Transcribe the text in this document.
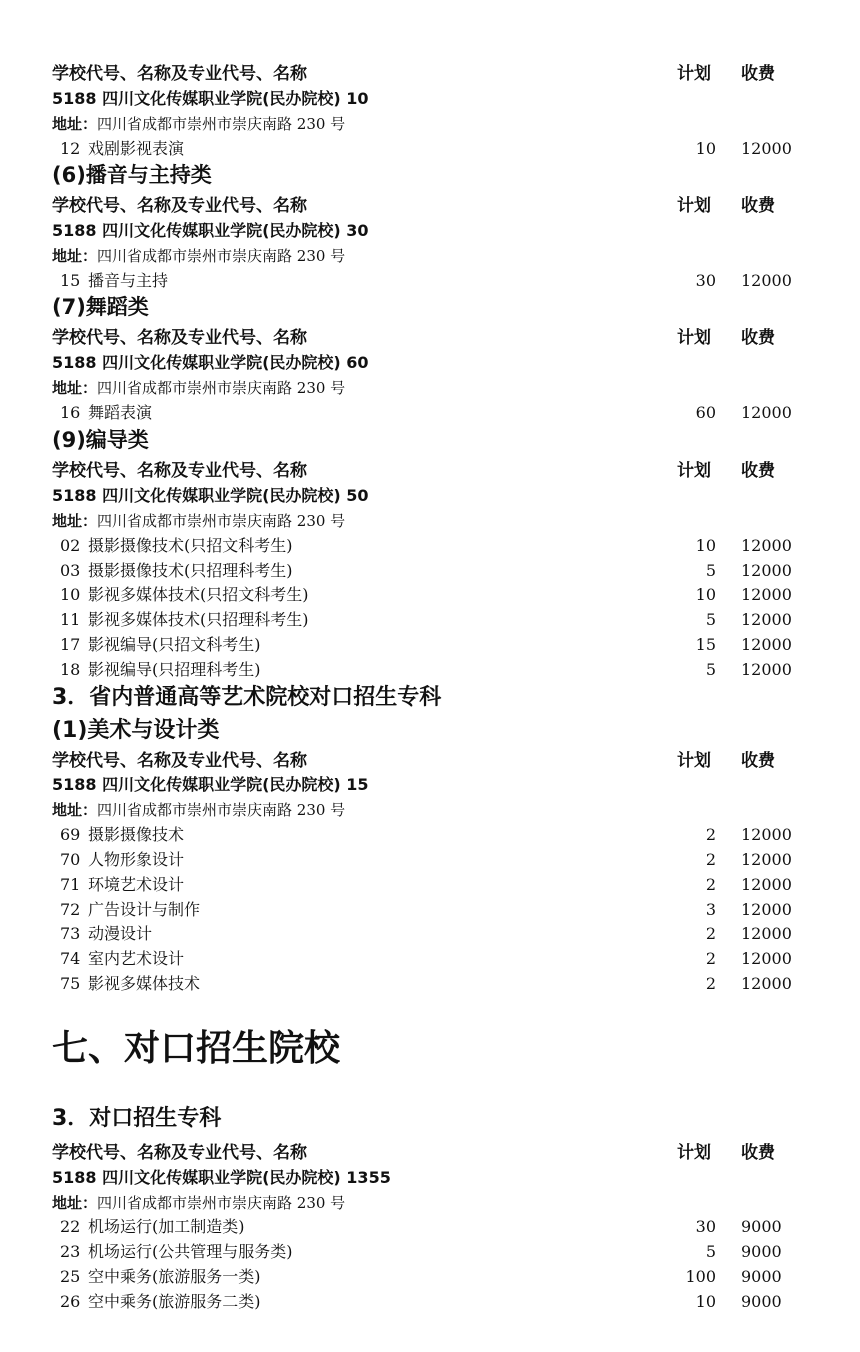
学校代号、名称及专业代号、名称	计划 收费
5188 四川文化传媒职业学院(民办院校) 10
地址：四川省成都市崇州市崇庆南路 230 号
12 戏剧影视表演	10 12000
(6)播音与主持类
学校代号、名称及专业代号、名称	计划 收费
5188 四川文化传媒职业学院(民办院校) 30
地址：四川省成都市崇州市崇庆南路 230 号
15 播音与主持	30 12000
(7)舞蹈类
学校代号、名称及专业代号、名称	计划 收费
5188 四川文化传媒职业学院(民办院校) 60
地址：四川省成都市崇州市崇庆南路 230 号
16 舞蹈表演	60 12000
(9)编导类
学校代号、名称及专业代号、名称	计划 收费
5188 四川文化传媒职业学院(民办院校) 50
地址：四川省成都市崇州市崇庆南路 230 号
02 摄影摄像技术(只招文科考生)	10 12000
03 摄影摄像技术(只招理科考生)	5 12000
10 影视多媒体技术(只招文科考生)	10 12000
11 影视多媒体技术(只招理科考生)	5 12000
17 影视编导(只招文科考生)	15 12000
18 影视编导(只招理科考生)	5 12000
3．省内普通高等艺术院校对口招生专科
(1)美术与设计类
学校代号、名称及专业代号、名称	计划 收费
5188 四川文化传媒职业学院(民办院校) 15
地址：四川省成都市崇州市崇庆南路 230 号
69 摄影摄像技术	2 12000
70 人物形象设计	2 12000
71 环境艺术设计	2 12000
72 广告设计与制作	3 12000
73 动漫设计	2 12000
74 室内艺术设计	2 12000
75 影视多媒体技术	2 12000
七、对口招生院校
3．对口招生专科
学校代号、名称及专业代号、名称	计划 收费
5188 四川文化传媒职业学院(民办院校) 1355
地址：四川省成都市崇州市崇庆南路 230 号
22 机场运行(加工制造类)	30 9000
23 机场运行(公共管理与服务类)	5 9000
25 空中乘务(旅游服务一类)	100 9000
26 空中乘务(旅游服务二类)	10 9000
